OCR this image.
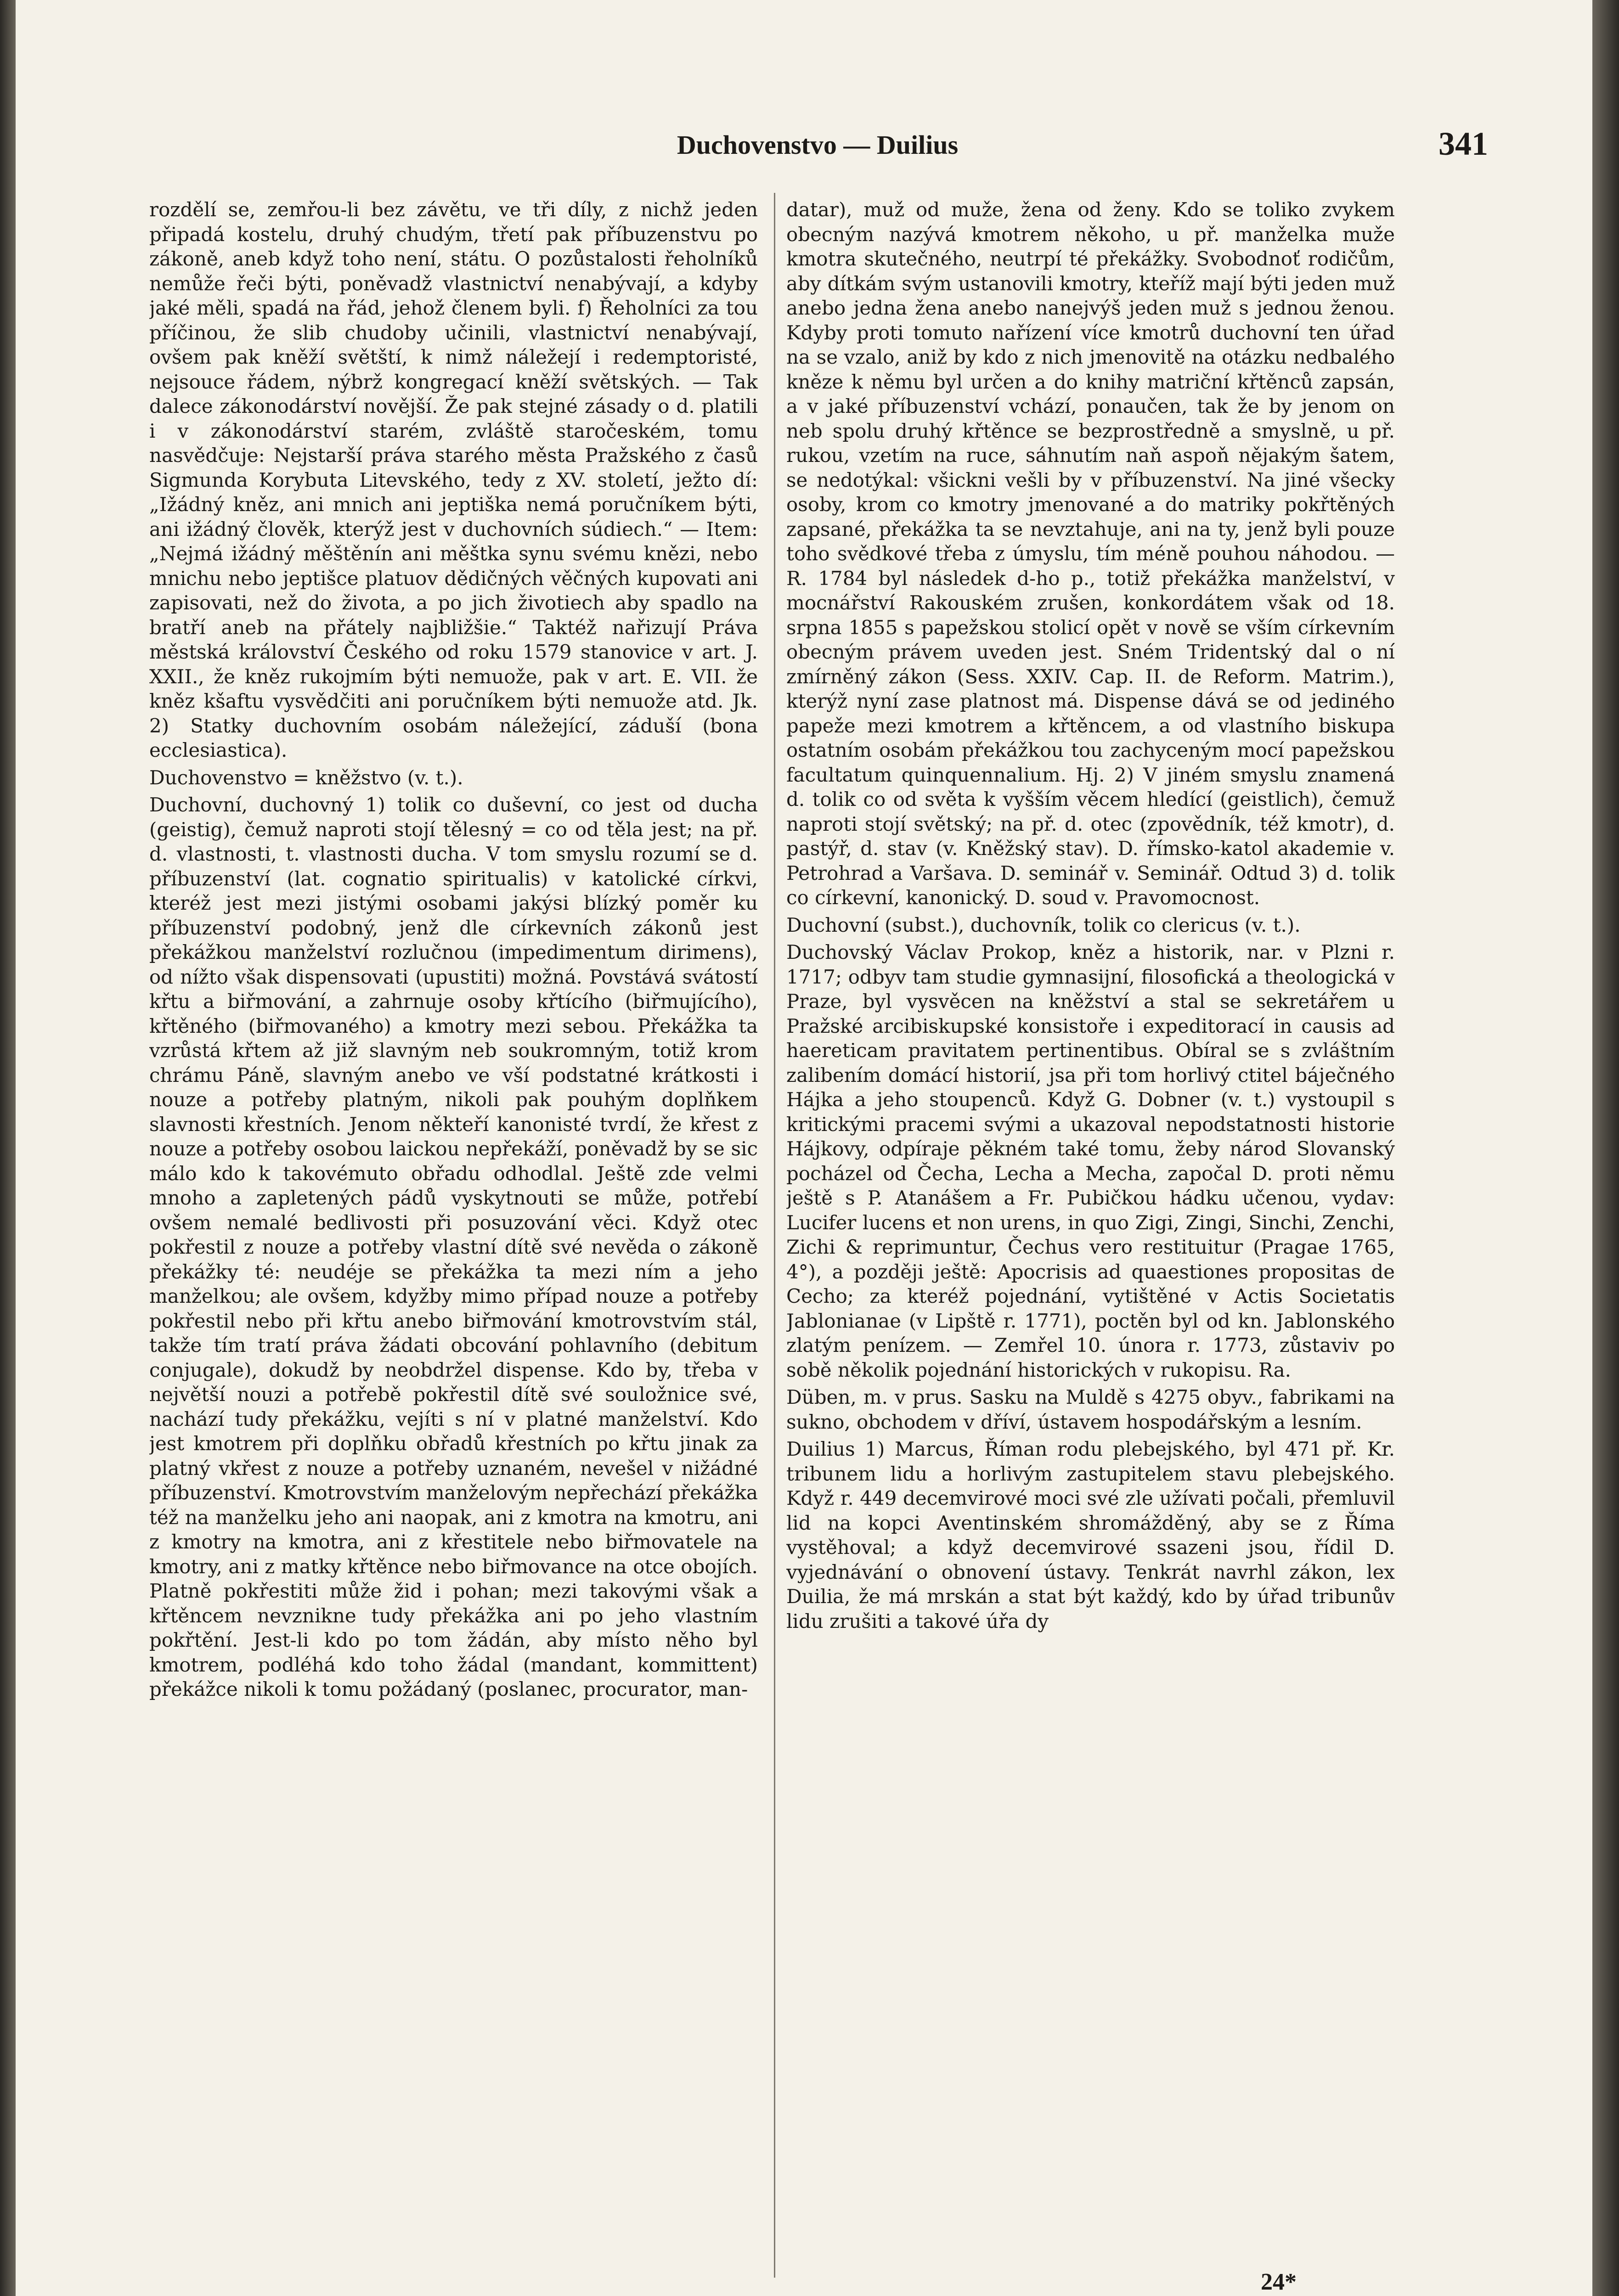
Duchovenstvo — Duilius	341

rozdělí se, zemřou-li bez závětu, ve tři díly, z nichž jeden připadá kostelu, druhý chudým, třetí pak příbuzenstvu po zákoně, aneb když toho není, státu. O pozůstalosti řeholníků nemůže řeči býti, poněvadž vlastnictví nenabývají, a kdyby jaké měli, spadá na řád, jehož členem byli. f) Řeholníci za tou příčinou, že slib chudoby učinili, vlastnictví nenabývají, ovšem pak kněží světští, k nimž náležejí i redemptoristé, nejsouce řádem, nýbrž kongregací kněží světských. — Tak dalece zákonodárství novější. Že pak stejné zásady o d. platili i v zákonodárství starém, zvláště staročeském, tomu nasvědčuje: Nejstarší práva starého města Pražského z časů Sigmunda Korybuta Litevského, tedy z XV. století, ježto dí: „Ižádný kněz, ani mnich ani jeptiška nemá poručníkem býti, ani ižádný člověk, kterýž jest v duchovních súdiech.“ — Item: „Nejmá ižádný měštěnín ani měštka synu svému knězi, nebo mnichu nebo jeptišce platuov dědičných věčných kupovati ani zapisovati, než do života, a po jich životiech aby spadlo na bratří aneb na přátely najbližšie.“ Taktéž nařizují Práva městská království Českého od roku 1579 stanovice v art. J. XXII., že kněz rukojmím býti nemuože, pak v art. E. VII. že kněz kšaftu vysvědčiti ani poručníkem býti nemuože atd. Jk. 2) Statky duchovním osobám náležející, záduší (bona ecclesiastica).

Duchovenstvo = kněžstvo (v. t.).

Duchovní, duchovný 1) tolik co duševní, co jest od ducha (geistig), čemuž naproti stojí tělesný = co od těla jest; na př. d. vlastnosti, t. vlastnosti ducha. V tom smyslu rozumí se d. příbuzenství (lat. cognatio spiritualis) v katolické církvi, kteréž jest mezi jistými osobami jakýsi blízký poměr ku příbuzenství podobný, jenž dle církevních zákonů jest překážkou manželství rozlučnou (impedimentum dirimens), od nížto však dispensovati (upustiti) možná. Povstává svátostí křtu a biřmování, a zahrnuje osoby křtícího (biřmujícího), křtěného (biřmovaného) a kmotry mezi sebou. Překážka ta vzrůstá křtem až již slavným neb soukromným, totiž krom chrámu Páně, slavným anebo ve vší podstatné krátkosti i nouze a potřeby platným, nikoli pak pouhým doplňkem slavnosti křestních. Jenom někteří kanonisté tvrdí, že křest z nouze a potřeby osobou laickou nepřekáží, poněvadž by se sic málo kdo k takovémuto obřadu odhodlal. Ještě zde velmi mnoho a zapletených pádů vyskytnouti se může, potřebí ovšem nemalé bedlivosti při posuzování věci. Když otec pokřestil z nouze a potřeby vlastní dítě své nevěda o zákoně překážky té: neudéje se překážka ta mezi ním a jeho manželkou; ale ovšem, kdyžby mimo případ nouze a potřeby pokřestil nebo při křtu anebo biřmování kmotrovstvím stál, takže tím tratí práva žádati obcování pohlavního (debitum conjugale), dokudž by neobdržel dispense. Kdo by, třeba v největší nouzi a potřebě pokřestil dítě své souložnice své, nachází tudy překážku, vejíti s ní v platné manželství. Kdo jest kmotrem při doplňku obřadů křestních po křtu jinak za platný vkřest z nouze a potřeby uznaném, nevešel v nižádné příbuzenství. Kmotrovstvím manželovým nepřechází překážka též na manželku jeho ani naopak, ani z kmotra na kmotru, ani z kmotry na kmotra, ani z křestitele nebo biřmovatele na kmotry, ani z matky křtěnce nebo biřmovance na otce obojích. Platně pokřestiti může žid i pohan; mezi takovými však a křtěncem nevznikne tudy překážka ani po jeho vlastním pokřtění. Jest-li kdo po tom žádán, aby místo něho byl kmotrem, podléhá kdo toho žádal (mandant, kommittent) překážce nikoli k tomu požádaný (poslanec, procurator, man-

datar), muž od muže, žena od ženy. Kdo se toliko zvykem obecným nazývá kmotrem někoho, u př. manželka muže kmotra skutečného, neutrpí té překážky. Svobodnoť rodičům, aby dítkám svým ustanovili kmotry, kteříž mají býti jeden muž anebo jedna žena anebo nanejvýš jeden muž s jednou ženou. Kdyby proti tomuto nařízení více kmotrů duchovní ten úřad na se vzalo, aniž by kdo z nich jmenovitě na otázku nedbalého kněze k němu byl určen a do knihy matriční křtěnců zapsán, a v jaké příbuzenství vchází, ponaučen, tak že by jenom on neb spolu druhý křtěnce se bezprostředně a smyslně, u př. rukou, vzetím na ruce, sáhnutím naň aspoň nějakým šatem, se nedotýkal: všickni vešli by v příbuzenství. Na jiné všecky osoby, krom co kmotry jmenované a do matriky pokřtěných zapsané, překážka ta se nevztahuje, ani na ty, jenž byli pouze toho svědkové třeba z úmyslu, tím méně pouhou náhodou. — R. 1784 byl následek d-ho p., totiž překážka manželství, v mocnářství Rakouském zrušen, konkordátem však od 18. srpna 1855 s papežskou stolicí opět v nově se vším církevním obecným právem uveden jest. Sném Tridentský dal o ní zmírněný zákon (Sess. XXIV. Cap. II. de Reform. Matrim.), kterýž nyní zase platnost má. Dispense dává se od jediného papeže mezi kmotrem a křtěncem, a od vlastního biskupa ostatním osobám překážkou tou zachyceným mocí papežskou facultatum quinquennalium. Hj. 2) V jiném smyslu znamená d. tolik co od světa k vyšším věcem hledící (geistlich), čemuž naproti stojí světský; na př. d. otec (zpovědník, též kmotr), d. pastýř, d. stav (v. Kněžský stav). D. římsko-katol akademie v. Petrohrad a Varšava. D. seminář v. Seminář. Odtud 3) d. tolik co církevní, kanonický. D. soud v. Pravomocnost.

Duchovní (subst.), duchovník, tolik co clericus (v. t.).

Duchovský Václav Prokop, kněz a historik, nar. v Plzni r. 1717; odbyv tam studie gymnasijní, filosofická a theologická v Praze, byl vysvěcen na kněžství a stal se sekretářem u Pražské arcibiskupské konsistoře i expeditorací in causis ad haereticam pravitatem pertinentibus. Obíral se s zvláštním zalibením domácí historií, jsa při tom horlivý ctitel báječného Hájka a jeho stoupenců. Když G. Dobner (v. t.) vystoupil s kritickými pracemi svými a ukazoval nepodstatnosti historie Hájkovy, odpíraje pěkném také tomu, žeby národ Slovanský pocházel od Čecha, Lecha a Mecha, započal D. proti němu ještě s P. Atanášem a Fr. Pubičkou hádku učenou, vydav: Lucifer lucens et non urens, in quo Zigi, Zingi, Sinchi, Zenchi, Zichi & reprimuntur, Čechus vero restituitur (Pragae 1765, 4°), a později ještě: Apocrisis ad quaestiones propositas de Cecho; za kteréž pojednání, vytištěné v Actis Societatis Jablonianae (v Lipště r. 1771), poctěn byl od kn. Jablonského zlatým penízem. — Zemřel 10. února r. 1773, zůstaviv po sobě několik pojednání historických v rukopisu. Ra.

Düben, m. v prus. Sasku na Muldě s 4275 obyv., fabrikami na sukno, obchodem v dříví, ústavem hospodářským a lesním.

Duilius 1) Marcus, Říman rodu plebejského, byl 471 př. Kr. tribunem lidu a horlivým zastupitelem stavu plebejského. Když r. 449 decemvirové moci své zle užívati počali, přemluvil lid na kopci Aventinském shromážděný, aby se z Říma vystěhoval; a když decemvirové ssazeni jsou, řídil D. vyjednávání o obnovení ústavy. Tenkrát navrhl zákon, lex Duilia, že má mrskán a stat být každý, kdo by úřad tribunův lidu zrušiti a takové úřa dy

24*
